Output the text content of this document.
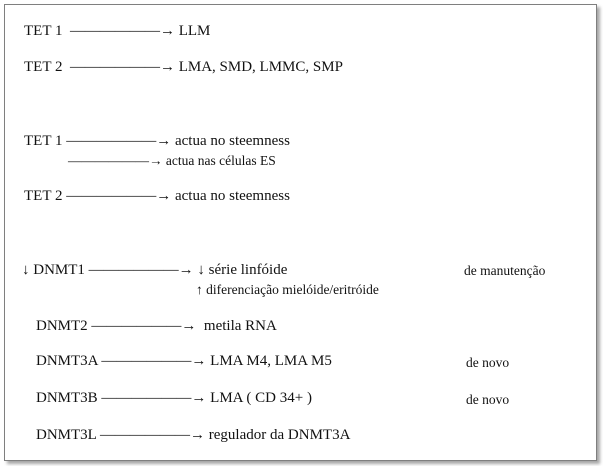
TET 1  ——————→ LLM
TET 2  ——————→ LMA, SMD, LMMC, SMP
TET 1 ——————→ actua no steemness
——————→ actua nas células ES
TET 2 ——————→ actua no steemness
↓ DNMT1 ——————→ ↓ série linfóide	de manutenção
↑ diferenciação mielóide/eritróide
DNMT2 ——————→  metila RNA
DNMT3A ——————→ LMA M4, LMA M5	de novo
DNMT3B ——————→ LMA ( CD 34+ )	de novo
DNMT3L ——————→ regulador da DNMT3A
